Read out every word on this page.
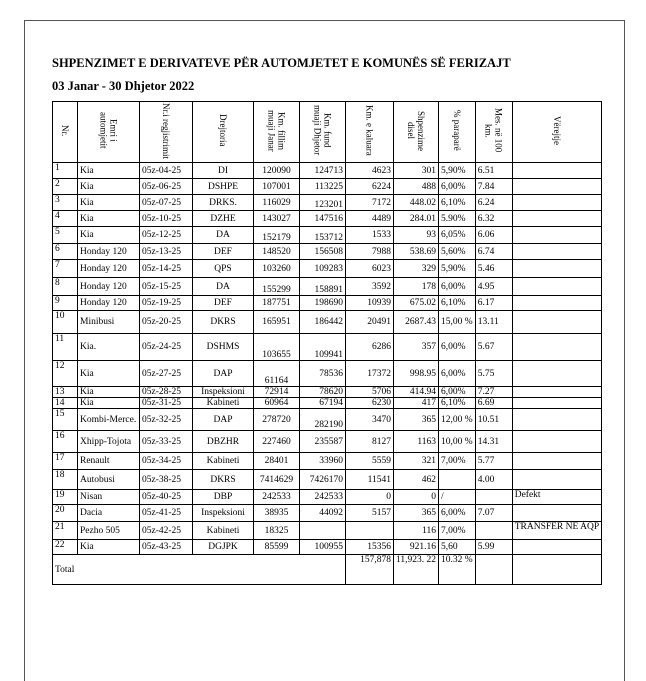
SHPENZIMET E DERIVATEVE PËR AUTOMJETET E KOMUNËS SË FERIZAJT
03 Janar - 30 Dhjetor 2022
Nr.	Emri i automjetit	Nr.i regjistrimit	Drejtoria	Km. fillim muaji Janar	Km. fund muaji Dhjetor	Km. e kaluara	Shpenzime disel	% paraparë	Mes. në 100 km.	Vërejtje
1	Kia	05z-04-25	DI	120090	124713	4623	301	5,90%	6.51	
2	Kia	05z-06-25	DSHPE	107001	113225	6224	488	6,00%	7.84	
3	Kia	05z-07-25	DRKS.	116029	123201	7172	448.02	6,10%	6.24	
4	Kia	05z-10-25	DZHE	143027	147516	4489	284.01	5.90%	6.32	
5	Kia	05z-12-25	DA	152179	153712	1533	93	6,05%	6.06	
6	Honday 120	05z-13-25	DEF	148520	156508	7988	538.69	5,60%	6.74	
7	Honday 120	05z-14-25	QPS	103260	109283	6023	329	5,90%	5.46	
8	Honday 120	05z-15-25	DA	155299	158891	3592	178	6,00%	4.95	
9	Honday 120	05z-19-25	DEF	187751	198690	10939	675.02	6,10%	6.17	
10	Minibusi	05z-20-25	DKRS	165951	186442	20491	2687.43	15,00 %	13.11	
11	Kia.	05z-24-25	DSHMS	103655	109941	6286	357	6,00%	5.67	
12	Kia	05z-27-25	DAP	61164	78536	17372	998.95	6,00%	5.75	
13	Kia	05z-28-25	Inspeksioni	72914	78620	5706	414.94	6,00%	7.27	
14	Kia	05z-31-25	Kabineti	60964	67194	6230	417	6,10%	6.69	
15	Kombi-Merce.	05z-32-25	DAP	278720	282190	3470	365	12,00 %	10.51	
16	Xhipp-Tojota	05z-33-25	DBZHR	227460	235587	8127	1163	10,00 %	14.31	
17	Renault	05z-34-25	Kabineti	28401	33960	5559	321	7,00%	5.77	
18	Autobusi	05z-38-25	DKRS	7414629	7426170	11541	462		4.00	
19	Nisan	05z-40-25	DBP	242533	242533	0	0	/		Defekt
20	Dacia	05z-41-25	Inspeksioni	38935	44092	5157	365	6,00%	7.07	
21	Pezho 505	05z-42-25	Kabineti	18325			116	7,00%		TRANSFER NË AQP
22	Kia	05z-43-25	DGJPK	85599	100955	15356	921.16	5,60	5.99	
Total						157,878	11,923. 22	10.32 %		
